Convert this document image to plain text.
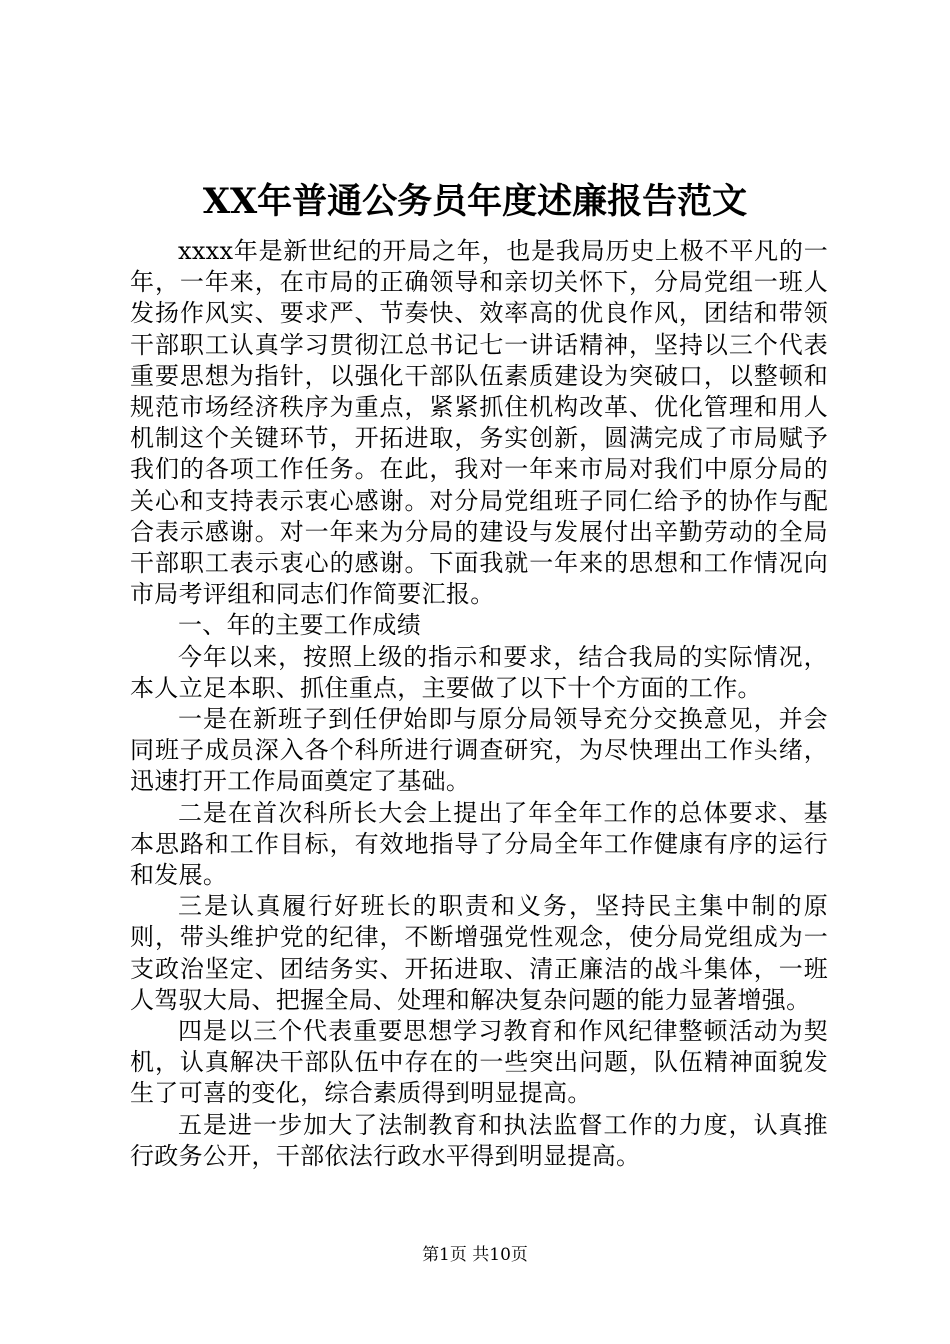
XX年普通公务员年度述廉报告范文

xxxx年是新世纪的开局之年，也是我局历史上极不平凡的一年，一年来，在市局的正确领导和亲切关怀下，分局党组一班人发扬作风实、要求严、节奏快、效率高的优良作风，团结和带领干部职工认真学习贯彻江总书记七一讲话精神，坚持以三个代表重要思想为指针，以强化干部队伍素质建设为突破口，以整顿和规范市场经济秩序为重点，紧紧抓住机构改革、优化管理和用人机制这个关键环节，开拓进取，务实创新，圆满完成了市局赋予我们的各项工作任务。在此，我对一年来市局对我们中原分局的关心和支持表示衷心感谢。对分局党组班子同仁给予的协作与配合表示感谢。对一年来为分局的建设与发展付出辛勤劳动的全局干部职工表示衷心的感谢。下面我就一年来的思想和工作情况向市局考评组和同志们作简要汇报。

一、年的主要工作成绩

今年以来，按照上级的指示和要求，结合我局的实际情况，本人立足本职、抓住重点，主要做了以下十个方面的工作。

一是在新班子到任伊始即与原分局领导充分交换意见，并会同班子成员深入各个科所进行调查研究，为尽快理出工作头绪，迅速打开工作局面奠定了基础。

二是在首次科所长大会上提出了年全年工作的总体要求、基本思路和工作目标，有效地指导了分局全年工作健康有序的运行和发展。

三是认真履行好班长的职责和义务，坚持民主集中制的原则，带头维护党的纪律，不断增强党性观念，使分局党组成为一支政治坚定、团结务实、开拓进取、清正廉洁的战斗集体，一班人驾驭大局、把握全局、处理和解决复杂问题的能力显著增强。

四是以三个代表重要思想学习教育和作风纪律整顿活动为契机，认真解决干部队伍中存在的一些突出问题，队伍精神面貌发生了可喜的变化，综合素质得到明显提高。

五是进一步加大了法制教育和执法监督工作的力度，认真推行政务公开，干部依法行政水平得到明显提高。

第1页 共10页
